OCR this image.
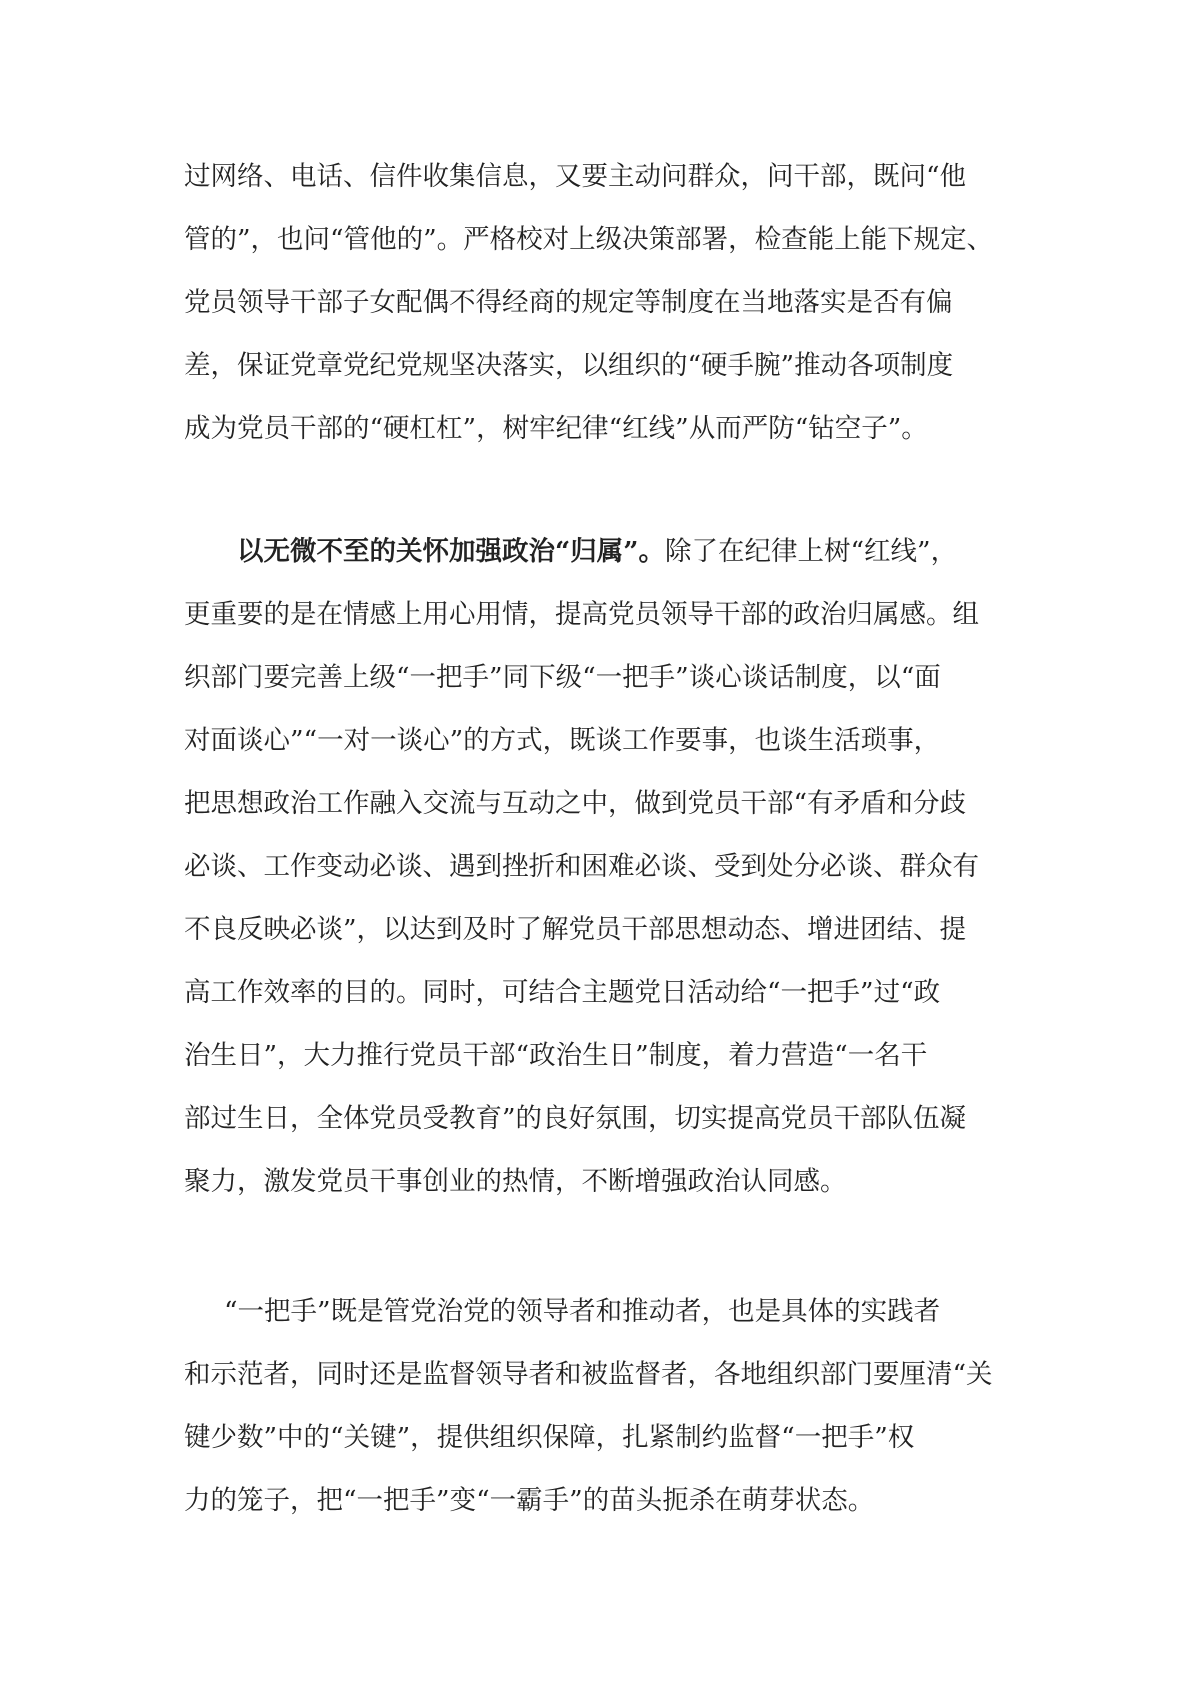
过网络、电话、信件收集信息，又要主动问群众，问干部，既问“他
管的”，也问“管他的”。严格校对上级决策部署，检查能上能下规定、
党员领导干部子女配偶不得经商的规定等制度在当地落实是否有偏
差，保证党章党纪党规坚决落实，以组织的“硬手腕”推动各项制度
成为党员干部的“硬杠杠”，树牢纪律“红线”从而严防“钻空子”。
以无微不至的关怀加强政治“归属”。除了在纪律上树“红线”，
更重要的是在情感上用心用情，提高党员领导干部的政治归属感。组
织部门要完善上级“一把手”同下级“一把手”谈心谈话制度，以“面
对面谈心”“一对一谈心”的方式，既谈工作要事，也谈生活琐事，
把思想政治工作融入交流与互动之中，做到党员干部“有矛盾和分歧
必谈、工作变动必谈、遇到挫折和困难必谈、受到处分必谈、群众有
不良反映必谈”，以达到及时了解党员干部思想动态、增进团结、提
高工作效率的目的。同时，可结合主题党日活动给“一把手”过“政
治生日”，大力推行党员干部“政治生日”制度，着力营造“一名干
部过生日，全体党员受教育”的良好氛围，切实提高党员干部队伍凝
聚力，激发党员干事创业的热情，不断增强政治认同感。
“一把手”既是管党治党的领导者和推动者，也是具体的实践者
和示范者，同时还是监督领导者和被监督者，各地组织部门要厘清“关
键少数”中的“关键”，提供组织保障，扎紧制约监督“一把手”权
力的笼子，把“一把手”变“一霸手”的苗头扼杀在萌芽状态。
